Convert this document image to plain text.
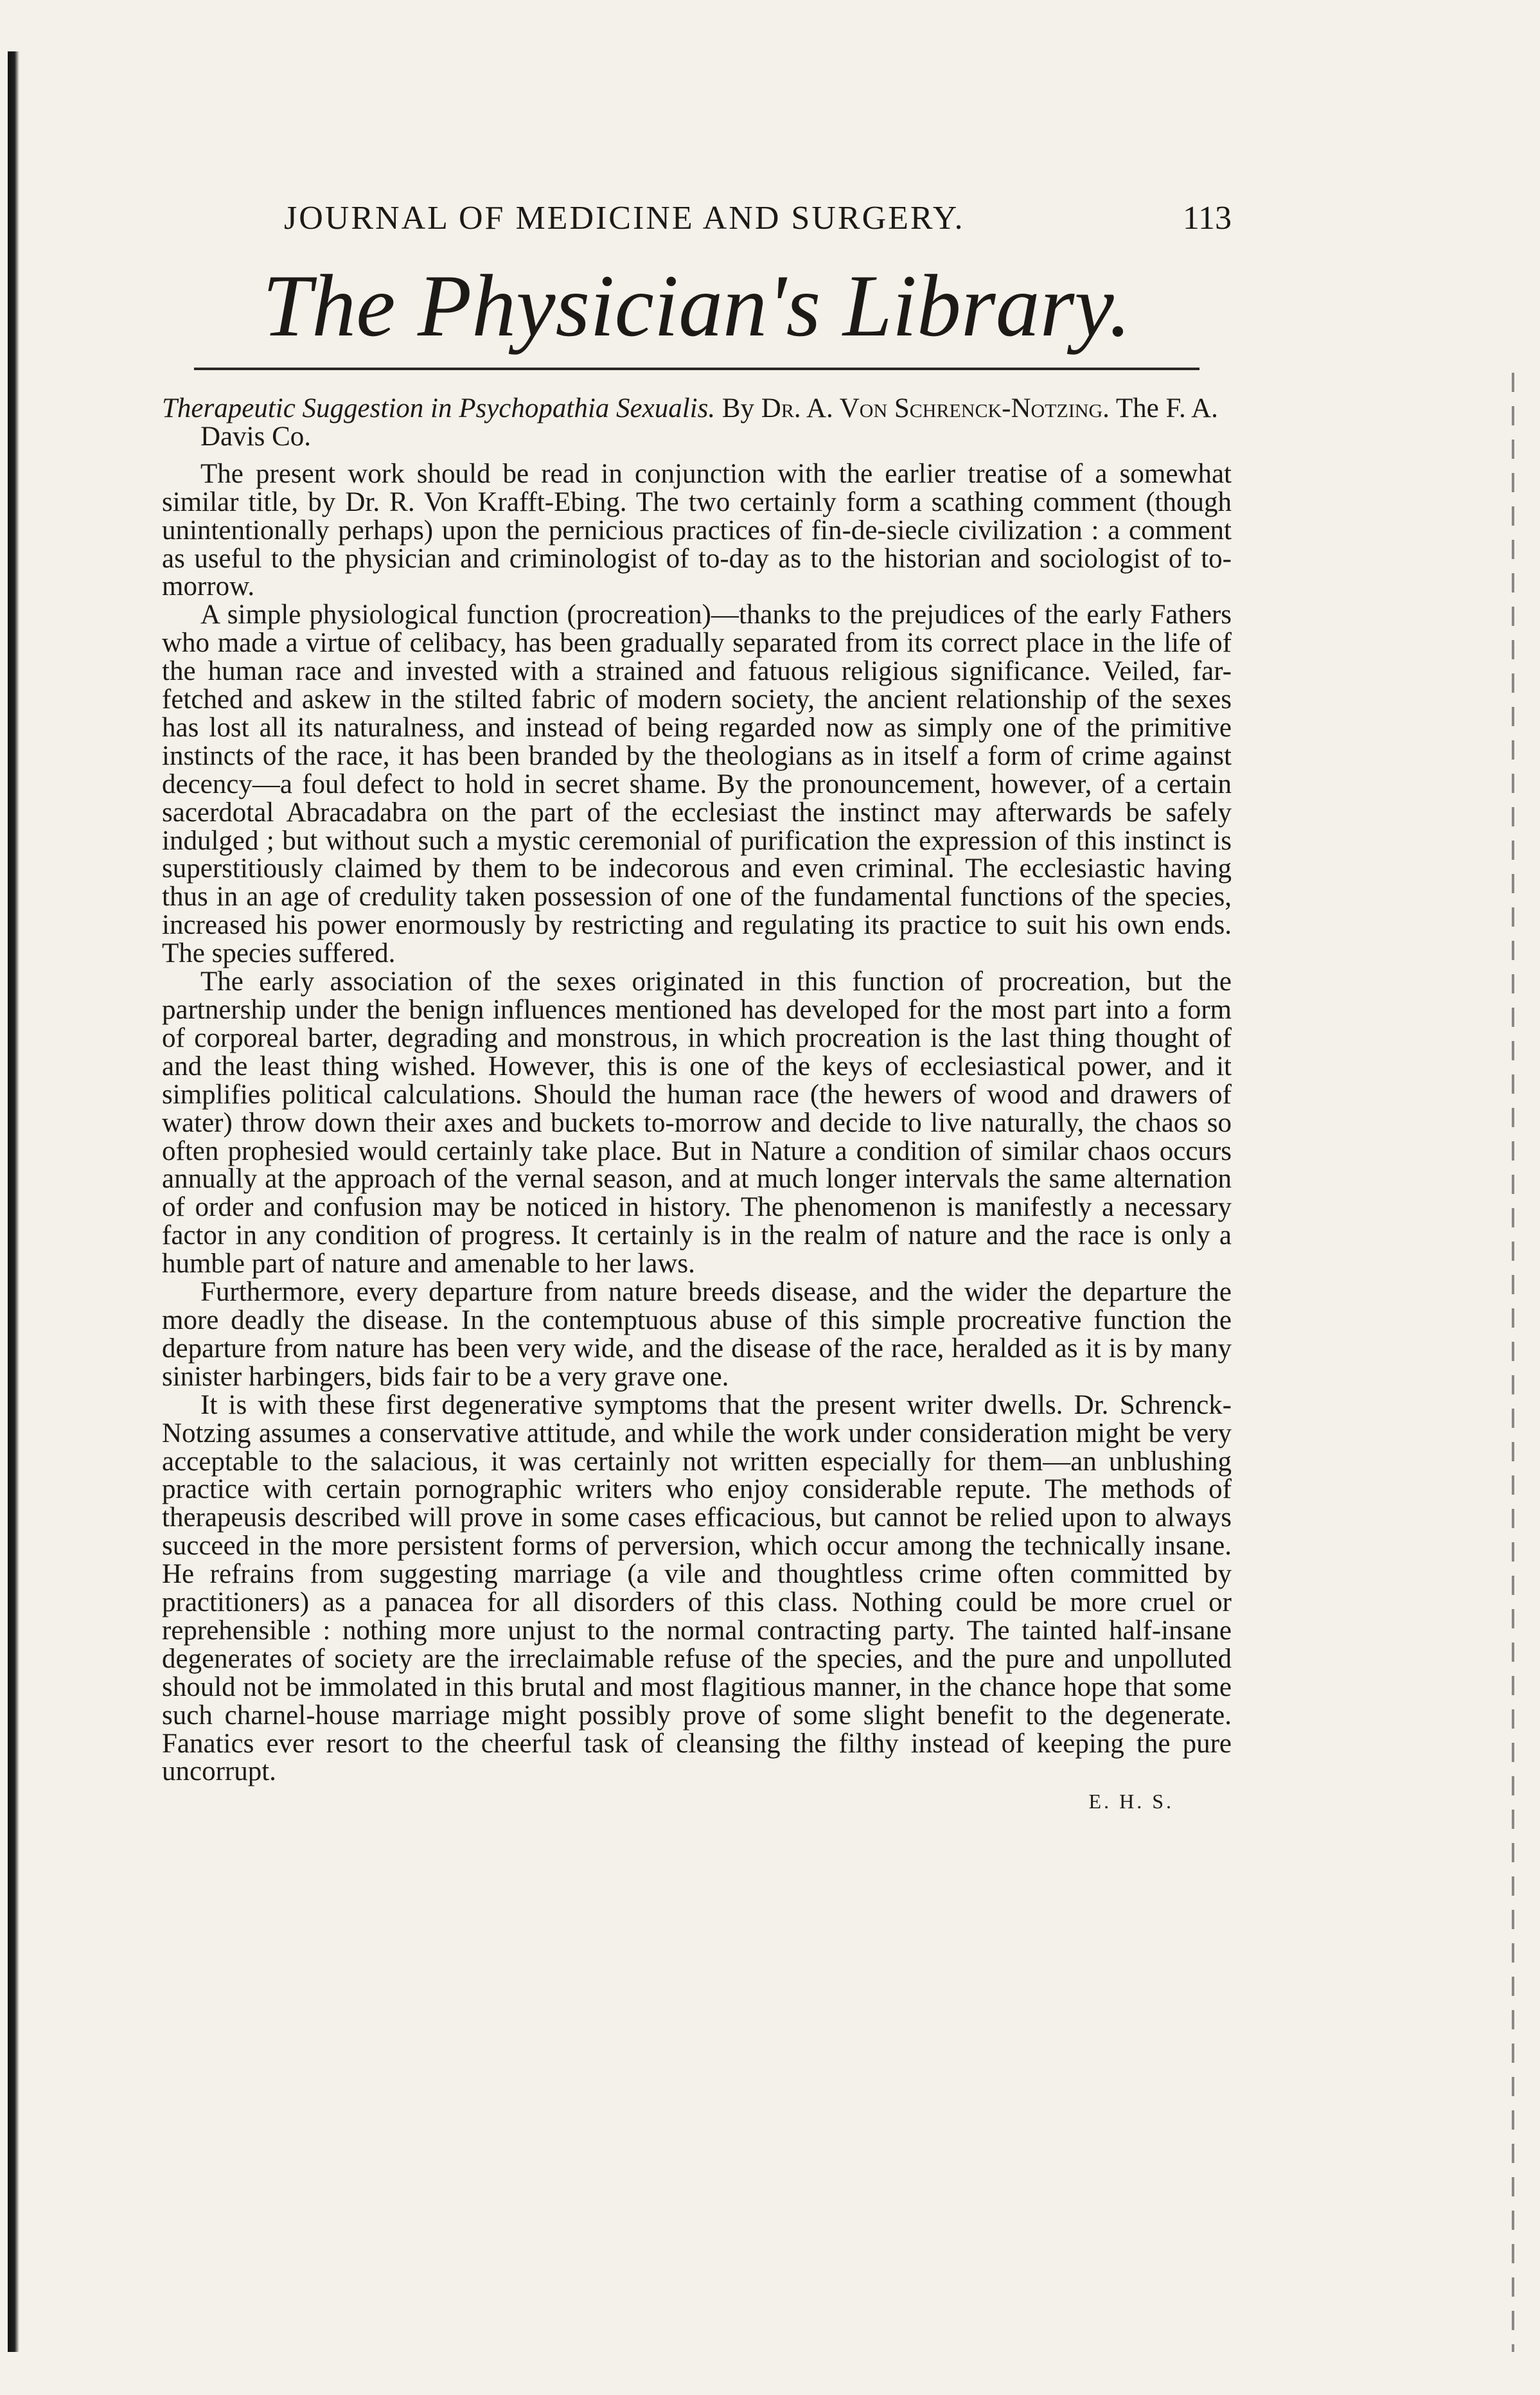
JOURNAL OF MEDICINE AND SURGERY.	113
The Physician's Library.
Therapeutic Suggestion in Psychopathia Sexualis. By Dr. A. Von Schrenck-Notzing. The F. A. Davis Co.

The present work should be read in conjunction with the earlier treatise of a somewhat similar title, by Dr. R. Von Krafft-Ebing. The two certainly form a scathing comment (though unintentionally perhaps) upon the pernicious practices of fin-de-siecle civilization : a comment as useful to the physician and criminologist of to-day as to the historian and sociologist of to-morrow.

A simple physiological function (procreation)—thanks to the prejudices of the early Fathers who made a virtue of celibacy, has been gradually separated from its correct place in the life of the human race and invested with a strained and fatuous religious significance. Veiled, far-fetched and askew in the stilted fabric of modern society, the ancient relationship of the sexes has lost all its naturalness, and instead of being regarded now as simply one of the primitive instincts of the race, it has been branded by the theologians as in itself a form of crime against decency—a foul defect to hold in secret shame. By the pronouncement, however, of a certain sacerdotal Abracadabra on the part of the ecclesiast the instinct may afterwards be safely indulged ; but without such a mystic ceremonial of purification the expression of this instinct is superstitiously claimed by them to be indecorous and even criminal. The ecclesiastic having thus in an age of credulity taken possession of one of the fundamental functions of the species, increased his power enormously by restricting and regulating its practice to suit his own ends. The species suffered.

The early association of the sexes originated in this function of procreation, but the partnership under the benign influences mentioned has developed for the most part into a form of corporeal barter, degrading and monstrous, in which procreation is the last thing thought of and the least thing wished. However, this is one of the keys of ecclesiastical power, and it simplifies political calculations. Should the human race (the hewers of wood and drawers of water) throw down their axes and buckets to-morrow and decide to live naturally, the chaos so often prophesied would certainly take place. But in Nature a condition of similar chaos occurs annually at the approach of the vernal season, and at much longer intervals the same alternation of order and confusion may be noticed in history. The phenomenon is manifestly a necessary factor in any condition of progress. It certainly is in the realm of nature and the race is only a humble part of nature and amenable to her laws.

Furthermore, every departure from nature breeds disease, and the wider the departure the more deadly the disease. In the contemptuous abuse of this simple procreative function the departure from nature has been very wide, and the disease of the race, heralded as it is by many sinister harbingers, bids fair to be a very grave one.

It is with these first degenerative symptoms that the present writer dwells. Dr. Schrenck-Notzing assumes a conservative attitude, and while the work under consideration might be very acceptable to the salacious, it was certainly not written especially for them—an unblushing practice with certain pornographic writers who enjoy considerable repute. The methods of therapeusis described will prove in some cases efficacious, but cannot be relied upon to always succeed in the more persistent forms of perversion, which occur among the technically insane. He refrains from suggesting marriage (a vile and thoughtless crime often committed by practitioners) as a panacea for all disorders of this class. Nothing could be more cruel or reprehensible : nothing more unjust to the normal contracting party. The tainted half-insane degenerates of society are the irreclaimable refuse of the species, and the pure and unpolluted should not be immolated in this brutal and most flagitious manner, in the chance hope that some such charnel-house marriage might possibly prove of some slight benefit to the degenerate. Fanatics ever resort to the cheerful task of cleansing the filthy instead of keeping the pure uncorrupt.

E. H. S.
